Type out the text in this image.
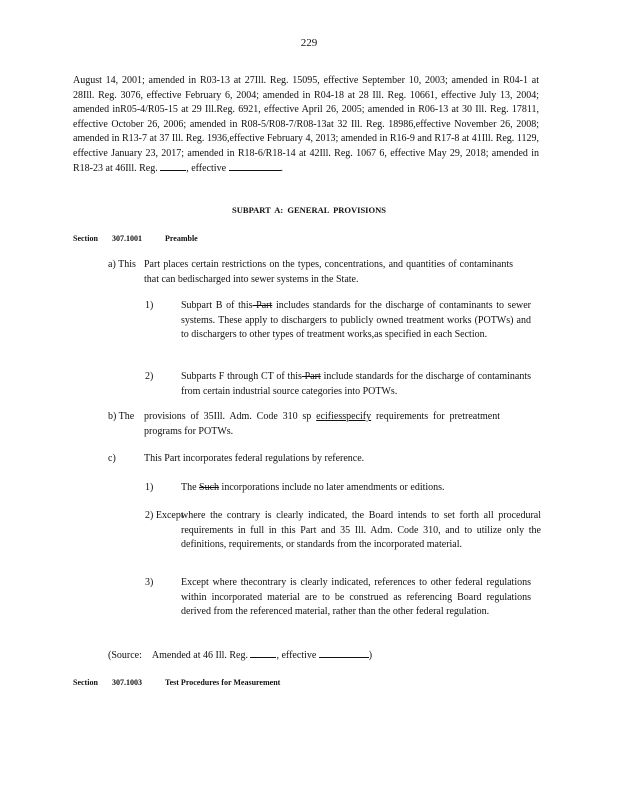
229
August 14, 2001; amended in R03-13 at 27Ill. Reg. 15095, effective September 10, 2003; amended in R04-1 at 28Ill. Reg. 3076, effective February 6, 2004; amended in R04-18 at 28 Ill. Reg. 10661, effective July 13, 2004; amended inR05-4/R05-15 at 29 Ill.Reg. 6921, effective April 26, 2005; amended in R06-13 at 30 Ill. Reg. 17811, effective October 26, 2006; amended in R08-5/R08-7/R08-13at 32 Ill. Reg. 18986,effective November 26, 2008; amended in R13-7 at 37 Ill. Reg. 1936,effective February 4, 2013; amended in R16-9 and R17-8 at 41Ill. Reg. 1129, effective January 23, 2017; amended in R18-6/R18-14 at 42Ill. Reg. 1067 6, effective May 29, 2018; amended in R18-23 at 46Ill. Reg.	, effective	.
SUBPART A: GENERAL PROVISIONS
Section 307.1001	Preamble
a) This Part places certain restrictions on the types, concentrations, and quantities of contaminants that can bedischarged into sewer systems in the State.
1)	Subpart B of this Part includes standards for the discharge of contaminants to sewer systems. These apply to dischargers to publicly owned treatment works (POTWs) and to dischargers to other types of treatment works,as specified in each Section.
2)	Subparts F through CT of this Part include standards for the discharge of contaminants from certain industrial source categories into POTWs.
b) The provisions of 35Ill. Adm. Code 310 sp ecifiesspecify requirements for pretreatment programs for POTWs.
c)	This Part incorporates federal regulations by reference.
1)	The Such incorporations include no later amendments or editions.
2) Except
where the contrary is clearly indicated, the Board intends to set forth all procedural requirements in full in this Part and 35 Ill. Adm. Code 310, and to utilize only the definitions, requirements, or standards from the incorporated material.
3)	Except where thecontrary is clearly indicated, references to other federal regulations within incorporated material are to be construed as referencing Board regulations derived from the referenced material, rather than the other federal regulation.
(Source: Amended at 46 Ill. Reg.	, effective	)
Section 307.1003	Test Procedures for Measurement
